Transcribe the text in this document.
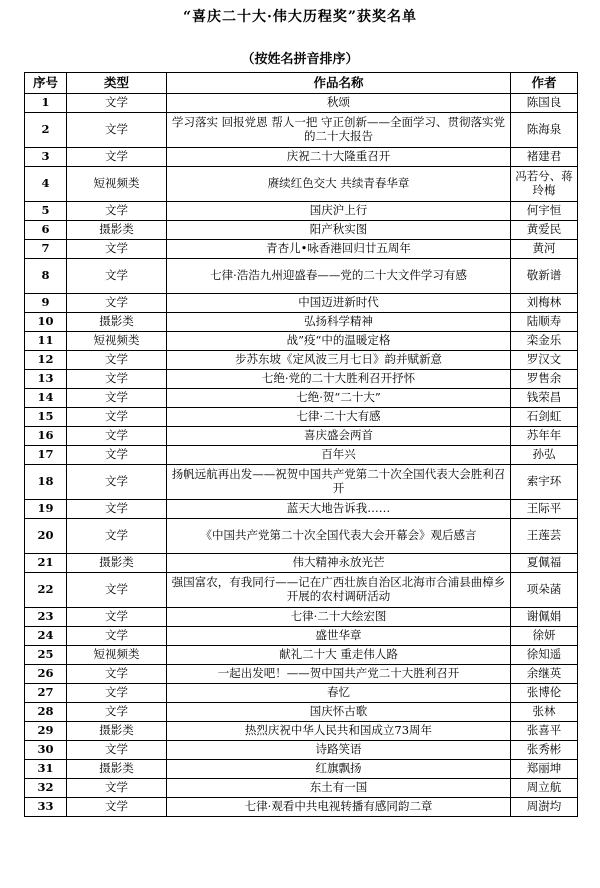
“喜庆二十大·伟大历程奖”获奖名单
（按姓名拼音排序）
序号	类型	作品名称	作者
1	文学	秋颂	陈国良
2	文学	学习落实 回报党恩 帮人一把 守正创新——全面学习、贯彻落实党的二十大报告	陈海泉
3	文学	庆祝二十大隆重召开	褚建君
4	短视频类	赓续红色交大 共续青春华章	冯若兮、蒋玲梅
5	文学	国庆沪上行	何宇恒
6	摄影类	阳产秋实图	黄爱民
7	文学	青杏儿•咏香港回归廿五周年	黄河
8	文学	七律·浩浩九州迎盛春——党的二十大文件学习有感	敬新谱
9	文学	中国迈进新时代	刘梅林
10	摄影类	弘扬科学精神	陆顺寿
11	短视频类	战”疫“中的温暖定格	栾金乐
12	文学	步苏东坡《定风波三月七日》韵并赋新意	罗汉文
13	文学	七绝·党的二十大胜利召开抒怀	罗售余
14	文学	七绝·贺“二十大”	钱荣昌
15	文学	七律·二十大有感	石剑虹
16	文学	喜庆盛会两首	苏年年
17	文学	百年兴	孙弘
18	文学	扬帆远航再出发——祝贺中国共产党第二十次全国代表大会胜利召开	索宇环
19	文学	蓝天大地告诉我……	王际平
20	文学	《中国共产党第二十次全国代表大会开幕会》观后感言	王莲芸
21	摄影类	伟大精神永放光芒	夏佩福
22	文学	强国富农，有我同行——记在广西壮族自治区北海市合浦县曲樟乡开展的农村调研活动	项朵菡
23	文学	七律·二十大绘宏图	谢佩娟
24	文学	盛世华章	徐妍
25	短视频类	献礼二十大 重走伟人路	徐知遥
26	文学	一起出发吧！——贺中国共产党二十大胜利召开	余继英
27	文学	春忆	张博伦
28	文学	国庆怀古歌	张林
29	摄影类	热烈庆祝中华人民共和国成立73周年	张喜平
30	文学	诗路笑语	张秀彬
31	摄影类	红旗飘扬	郑丽坤
32	文学	东土有一国	周立航
33	文学	七律·观看中共电视转播有感同韵二章	周澍均
